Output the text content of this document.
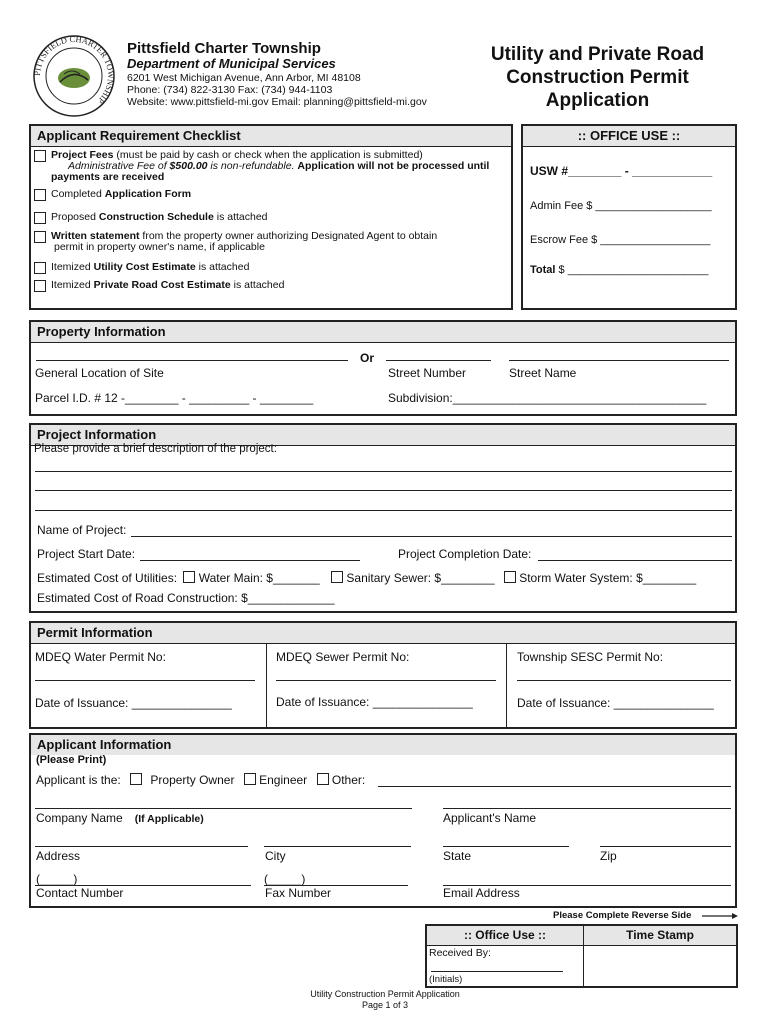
PITTSFIELD CHARTER TOWNSHIP
Pittsfield Charter Township
Department of Municipal Services
6201 West Michigan Avenue, Ann Arbor, MI 48108
Phone: (734) 822-3130 Fax: (734) 944-1103
Website: www.pittsfield-mi.gov Email: planning@pittsfield-mi.gov
Utility and Private Road
Construction Permit
Application
Applicant Requirement Checklist
Project Fees (must be paid by cash or check when the application is submitted)
Administrative Fee of $500.00 is non-refundable. Application will not be processed until
payments are received
Completed Application Form
Proposed Construction Schedule is attached
Written statement from the property owner authorizing Designated Agent to obtain
permit in property owner's name, if applicable
Itemized Utility Cost Estimate is attached
Itemized Private Road Cost Estimate is attached
:: OFFICE USE ::
USW #________ - ____________
Admin Fee $ ___________________
Escrow Fee $ __________________
Total $ _______________________
Property Information
Or
General Location of Site	Street Number	Street Name
Parcel I.D. # 12 -________ - _________ - ________	Subdivision:______________________________________
Project Information
Please provide a brief description of the project:
Name of Project:
Project Start Date:	Project Completion Date:
Estimated Cost of Utilities: Water Main: $_______ Sanitary Sewer: $________ Storm Water System: $________
Estimated Cost of Road Construction: $_____________
Permit Information
MDEQ Water Permit No:	MDEQ Sewer Permit No:	Township SESC Permit No:
Date of Issuance: _______________	Date of Issuance: _______________	Date of Issuance: _______________
Applicant Information
(Please Print)
Applicant is the: Property Owner Engineer Other:
Company Name (If Applicable)	Applicant's Name
Address	City	State	Zip
(_____)	(_____)
Contact Number	Fax Number	Email Address
Please Complete Reverse Side
:: Office Use ::	Time Stamp
Received By:
(Initials)
Utility Construction Permit Application
Page 1 of 3
